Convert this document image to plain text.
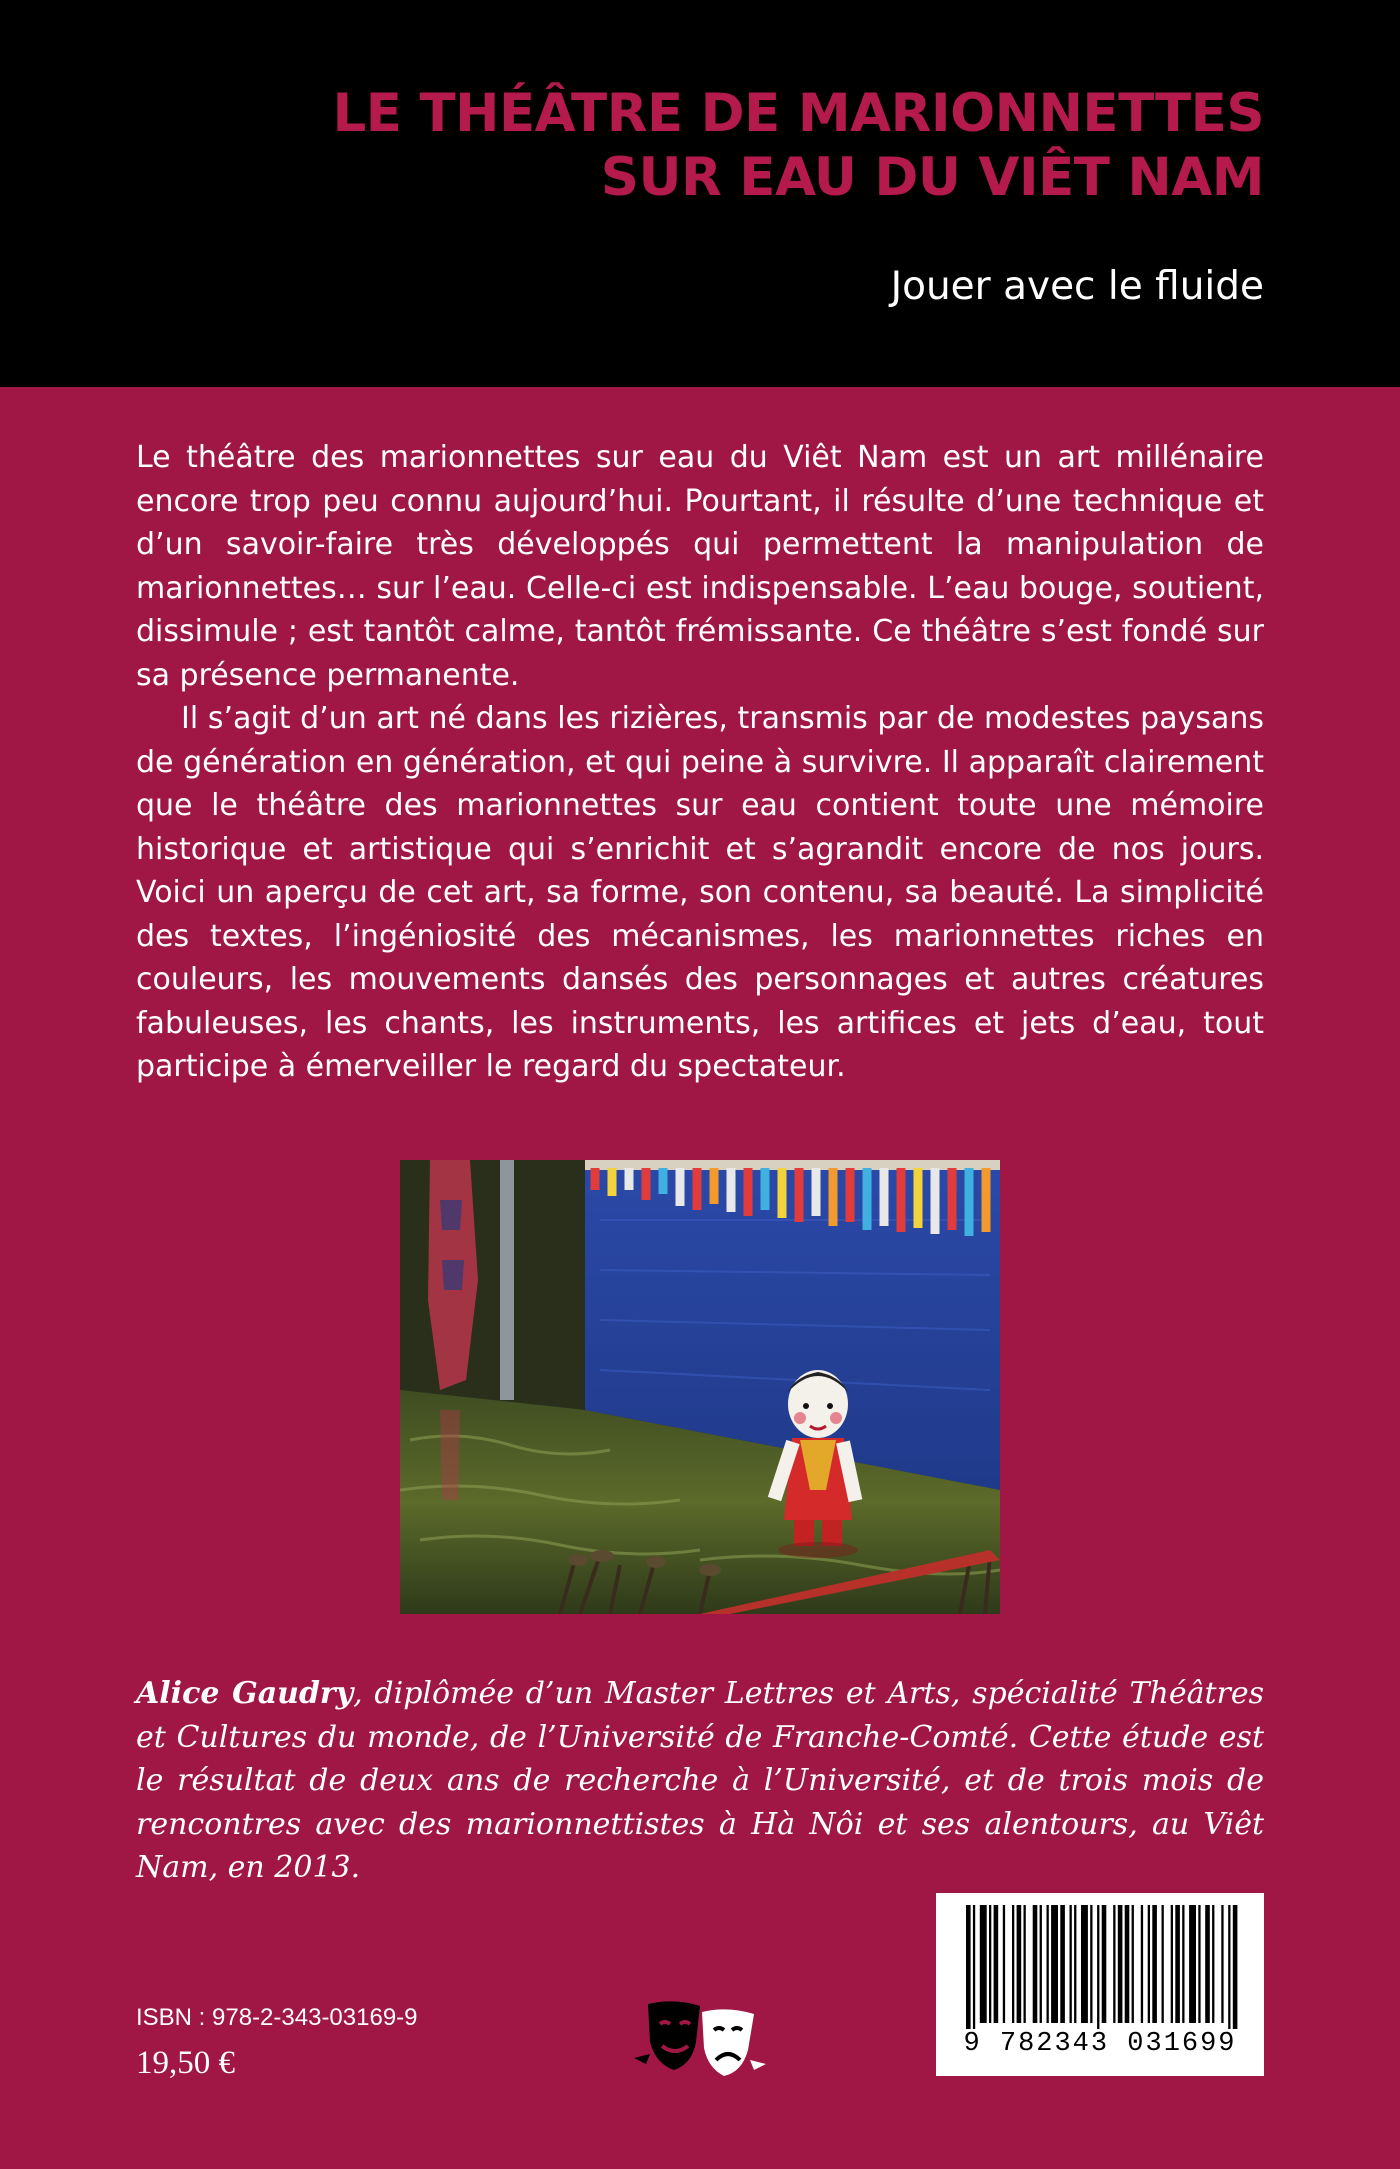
LE THÉÂTRE DE MARIONNETTES
SUR EAU DU VIÊT NAM
Jouer avec le fluide

Le théâtre des marionnettes sur eau du Viêt Nam est un art millénaire encore trop peu connu aujourd’hui. Pourtant, il résulte d’une technique et d’un savoir-faire très développés qui permettent la manipulation de marionnettes… sur l’eau. Celle-ci est indispensable. L’eau bouge, soutient, dissimule ; est tantôt calme, tantôt frémissante. Ce théâtre s’est fondé sur sa présence permanente.

Il s’agit d’un art né dans les rizières, transmis par de modestes paysans de génération en génération, et qui peine à survivre. Il apparaît clairement que le théâtre des marionnettes sur eau contient toute une mémoire historique et artistique qui s’enrichit et s’agrandit encore de nos jours. Voici un aperçu de cet art, sa forme, son contenu, sa beauté. La simplicité des textes, l’ingéniosité des mécanismes, les marionnettes riches en couleurs, les mouvements dansés des personnages et autres créatures fabuleuses, les chants, les instruments, les artifices et jets d’eau, tout participe à émerveiller le regard du spectateur.

Alice Gaudry, diplômée d’un Master Lettres et Arts, spécialité Théâtres et Cultures du monde, de l’Université de Franche-Comté. Cette étude est le résultat de deux ans de recherche à l’Université, et de trois mois de rencontres avec des marionnettistes à Hà Nôi et ses alentours, au Viêt Nam, en 2013.

ISBN : 978-2-343-03169-9
19,50 €
9 782343 031699
